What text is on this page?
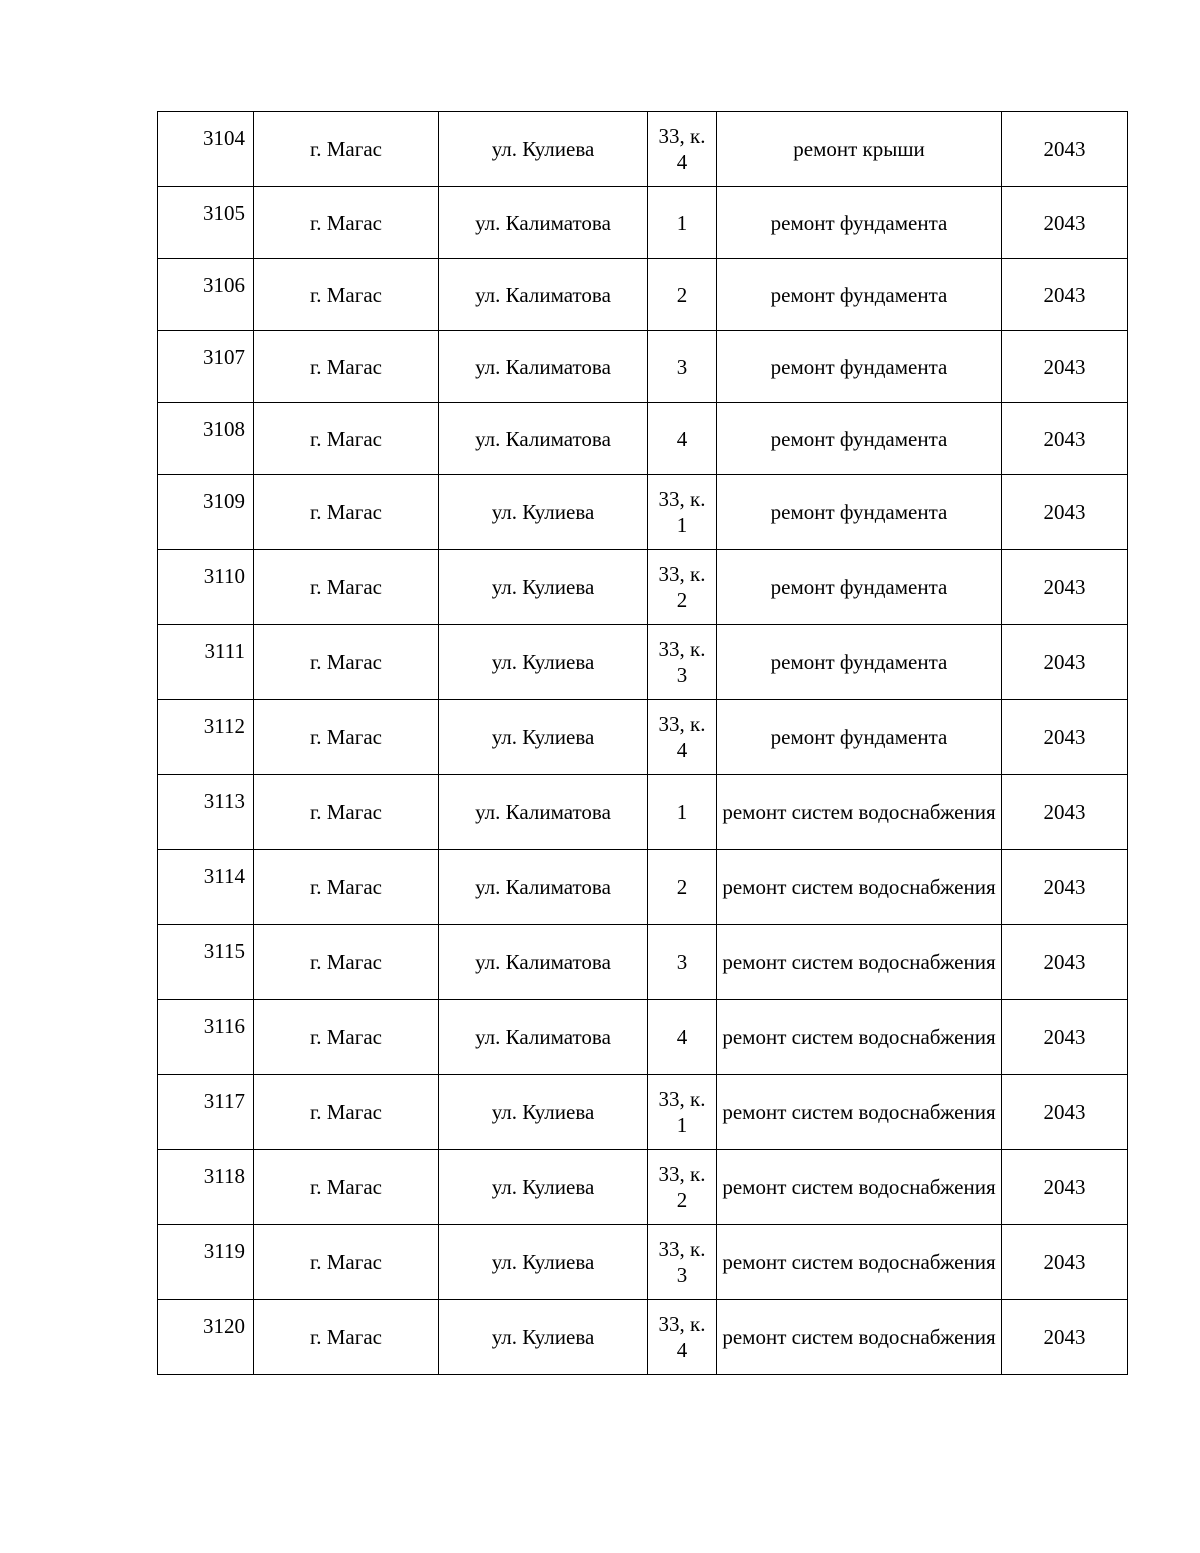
3104	г. Магас	ул. Кулиева	33, к. 4	ремонт крыши	2043
3105	г. Магас	ул. Калиматова	1	ремонт фундамента	2043
3106	г. Магас	ул. Калиматова	2	ремонт фундамента	2043
3107	г. Магас	ул. Калиматова	3	ремонт фундамента	2043
3108	г. Магас	ул. Калиматова	4	ремонт фундамента	2043
3109	г. Магас	ул. Кулиева	33, к. 1	ремонт фундамента	2043
3110	г. Магас	ул. Кулиева	33, к. 2	ремонт фундамента	2043
3111	г. Магас	ул. Кулиева	33, к. 3	ремонт фундамента	2043
3112	г. Магас	ул. Кулиева	33, к. 4	ремонт фундамента	2043
3113	г. Магас	ул. Калиматова	1	ремонт систем водоснабжения	2043
3114	г. Магас	ул. Калиматова	2	ремонт систем водоснабжения	2043
3115	г. Магас	ул. Калиматова	3	ремонт систем водоснабжения	2043
3116	г. Магас	ул. Калиматова	4	ремонт систем водоснабжения	2043
3117	г. Магас	ул. Кулиева	33, к. 1	ремонт систем водоснабжения	2043
3118	г. Магас	ул. Кулиева	33, к. 2	ремонт систем водоснабжения	2043
3119	г. Магас	ул. Кулиева	33, к. 3	ремонт систем водоснабжения	2043
3120	г. Магас	ул. Кулиева	33, к. 4	ремонт систем водоснабжения	2043
